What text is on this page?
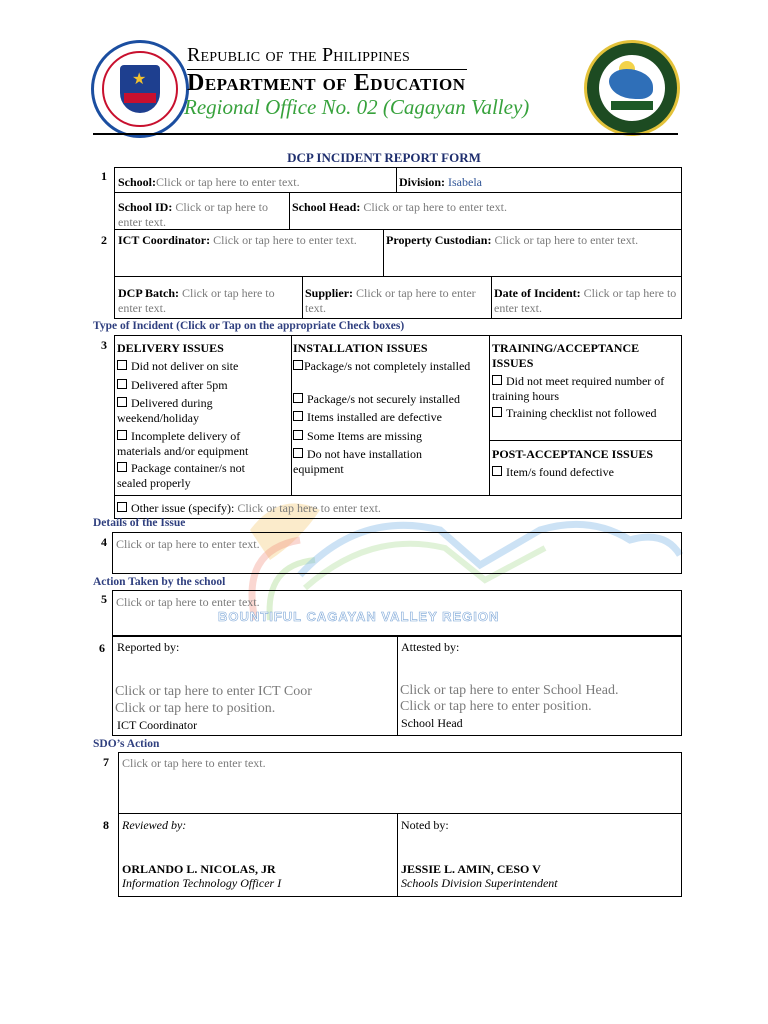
★
Republic of the Philippines
Department of Education
Regional Office No. 02 (Cagayan Valley)
DCP INCIDENT REPORT FORM
BOUNTIFUL CAGAYAN VALLEY REGION
1 School:Click or tap here to enter text.	Division: Isabela
School ID: Click or tap here to enter text.
School Head: Click or tap here to enter text.
2 ICT Coordinator: Click or tap here to enter text.	Property Custodian: Click or tap here to enter text.
DCP Batch: Click or tap here to enter text.
Supplier: Click or tap here to enter text.
Date of Incident: Click or tap here to enter text.
Type of Incident (Click or Tap on the appropriate Check boxes)
3 DELIVERY ISSUES
Did not deliver on site
Delivered after 5pm
Delivered during weekend/holiday
Incomplete delivery of materials and/or equipment
Package container/s not sealed properly
INSTALLATION ISSUES
Package/s not completely installed
Package/s not securely installed
Items installed are defective
Some Items are missing
Do not have installation equipment
TRAINING/ACCEPTANCE ISSUES
Did not meet required number of training hours
Training checklist not followed
POST-ACCEPTANCE ISSUES
Item/s found defective
Other issue (specify): Click or tap here to enter text.
Details of the Issue
4 Click or tap here to enter text.
Action Taken by the school
5 Click or tap here to enter text.
6 Reported by:
Click or tap here to enter ICT Coor
Click or tap here to position.
ICT Coordinator
Attested by:
Click or tap here to enter School Head.
Click or tap here to enter position.
School Head
SDO’s Action
7 Click or tap here to enter text.
8 Reviewed by:
ORLANDO L. NICOLAS, JR
Information Technology Officer I
Noted by:
JESSIE L. AMIN, CESO V
Schools Division Superintendent
